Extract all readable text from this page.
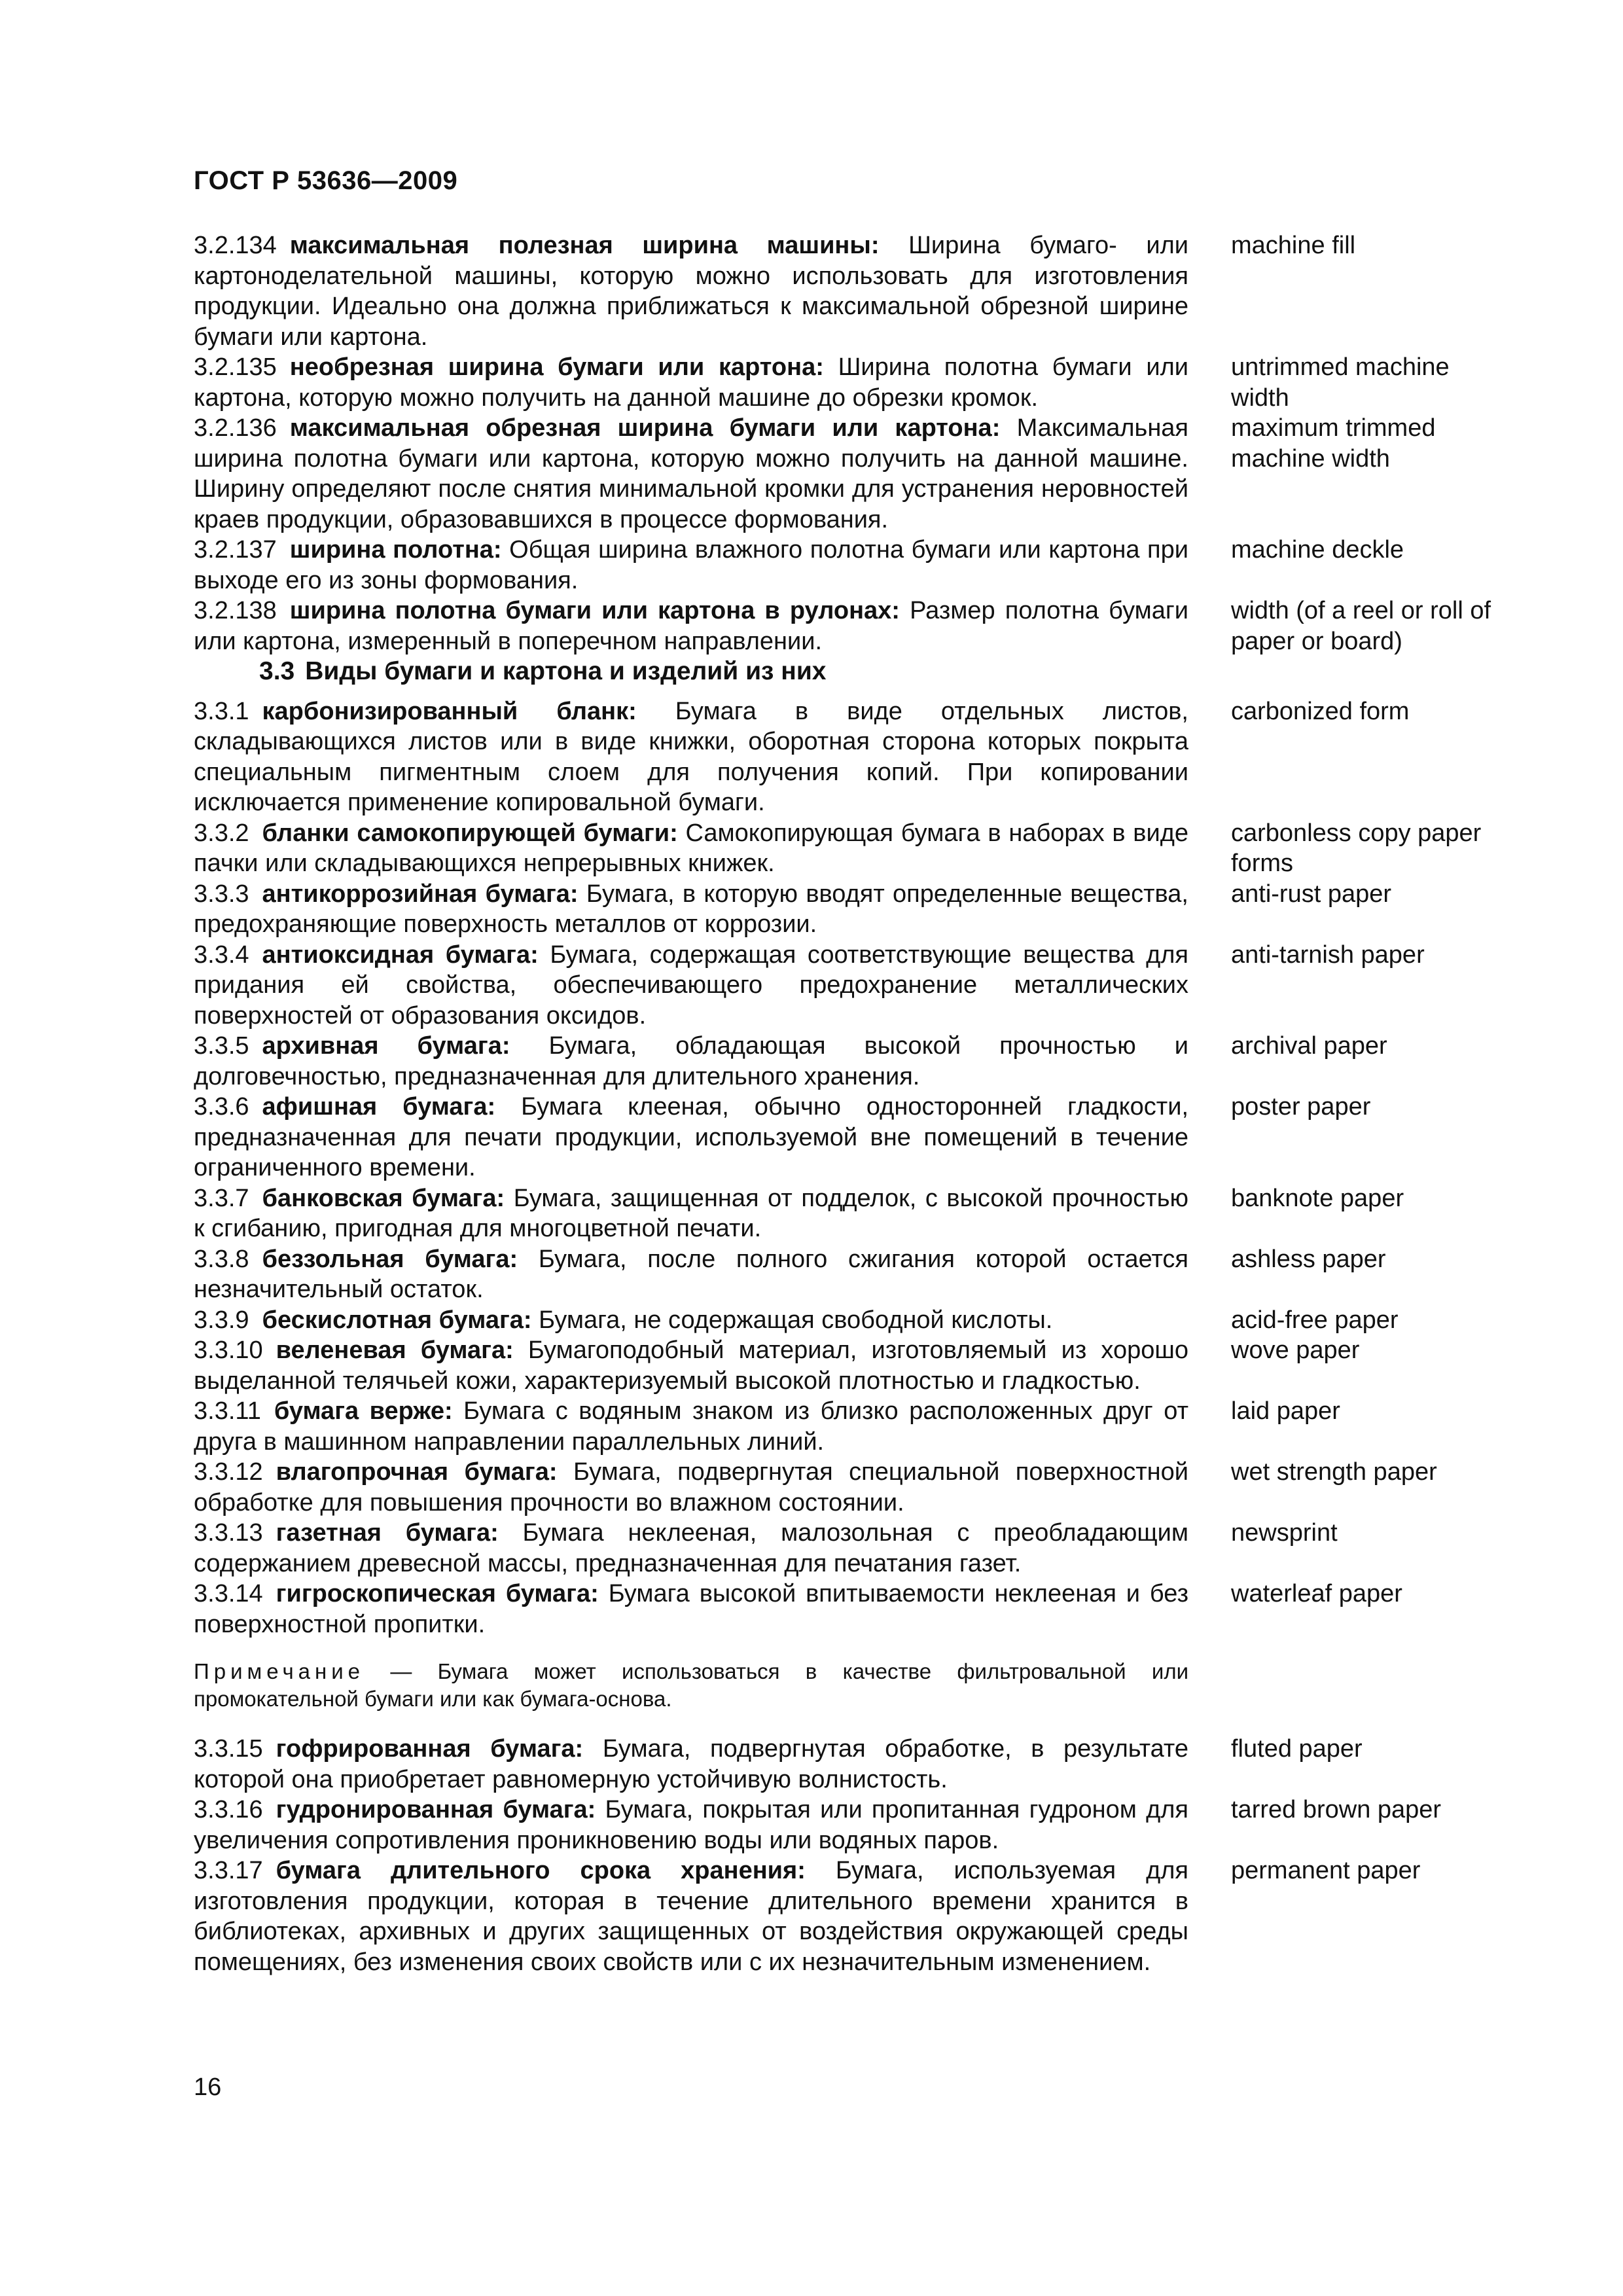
ГОСТ Р 53636—2009
3.2.134 максимальная полезная ширина машины: Ширина бумаго- или картоноделательной машины, которую можно использовать для изготовления продукции. Идеально она должна приближаться к максимальной обрезной ширине бумаги или картона.
machine fill
3.2.135 необрезная ширина бумаги или картона: Ширина полотна бумаги или картона, которую можно получить на данной машине до обрезки кромок.
untrimmed machine width
3.2.136 максимальная обрезная ширина бумаги или картона: Максимальная ширина полотна бумаги или картона, которую можно получить на данной машине. Ширину определяют после снятия минимальной кромки для устранения неровностей краев продукции, образовавшихся в процессе формования.
maximum trimmed machine width
3.2.137 ширина полотна: Общая ширина влажного полотна бумаги или картона при выходе его из зоны формования.
machine deckle
3.2.138 ширина полотна бумаги или картона в рулонах: Размер полотна бумаги или картона, измеренный в поперечном направлении.
width (of a reel or roll of paper or board)
3.3 Виды бумаги и картона и изделий из них
3.3.1 карбонизированный бланк: Бумага в виде отдельных листов, складывающихся листов или в виде книжки, оборотная сторона которых покрыта специальным пигментным слоем для получения копий. При копировании исключается применение копировальной бумаги.
carbonized form
3.3.2 бланки самокопирующей бумаги: Самокопирующая бумага в наборах в виде пачки или складывающихся непрерывных книжек.
carbonless copy paper forms
3.3.3 антикоррозийная бумага: Бумага, в которую вводят определенные вещества, предохраняющие поверхность металлов от коррозии.
anti-rust paper
3.3.4 антиоксидная бумага: Бумага, содержащая соответствующие вещества для придания ей свойства, обеспечивающего предохранение металлических поверхностей от образования оксидов.
anti-tarnish paper
3.3.5 архивная бумага: Бумага, обладающая высокой прочностью и долговечностью, предназначенная для длительного хранения.
archival paper
3.3.6 афишная бумага: Бумага клееная, обычно односторонней гладкости, предназначенная для печати продукции, используемой вне помещений в течение ограниченного времени.
poster paper
3.3.7 банковская бумага: Бумага, защищенная от подделок, с высокой прочностью к сгибанию, пригодная для многоцветной печати.
banknote paper
3.3.8 беззольная бумага: Бумага, после полного сжигания которой остается незначительный остаток.
ashless paper
3.3.9 бескислотная бумага: Бумага, не содержащая свободной кислоты.	acid-free paper
3.3.10 веленевая бумага: Бумагоподобный материал, изготовляемый из хорошо выделанной телячьей кожи, характеризуемый высокой плотностью и гладкостью.
wove paper
3.3.11 бумага верже: Бумага с водяным знаком из близко расположенных друг от друга в машинном направлении параллельных линий.
laid paper
3.3.12 влагопрочная бумага: Бумага, подвергнутая специальной поверхностной обработке для повышения прочности во влажном состоянии.
wet strength paper
3.3.13 газетная бумага: Бумага неклееная, малозольная с преобладающим содержанием древесной массы, предназначенная для печатания газет.
newsprint
3.3.14 гигроскопическая бумага: Бумага высокой впитываемости неклееная и без поверхностной пропитки.
waterleaf paper
Примечание — Бумага может использоваться в качестве фильтровальной или промокательной бумаги или как бумага-основа.
3.3.15 гофрированная бумага: Бумага, подвергнутая обработке, в результате которой она приобретает равномерную устойчивую волнистость.
fluted paper
3.3.16 гудронированная бумага: Бумага, покрытая или пропитанная гудроном для увеличения сопротивления проникновению воды или водяных паров.
tarred brown paper
3.3.17 бумага длительного срока хранения: Бумага, используемая для изготовления продукции, которая в течение длительного времени хранится в библиотеках, архивных и других защищенных от воздействия окружающей среды помещениях, без изменения своих свойств или с их незначительным изменением.
permanent paper
16
